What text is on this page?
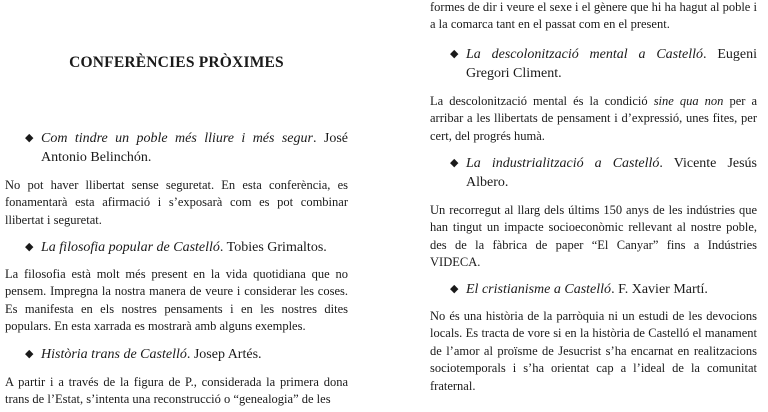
CONFERÈNCIES PRÒXIMES
◆ Com tindre un poble més lliure i més segur. José Antonio Belinchón.
No pot haver llibertat sense seguretat. En esta conferència, es fonamentarà esta afirmació i s’exposarà com es pot combinar llibertat i seguretat.
◆ La filosofia popular de Castelló. Tobies Grimaltos.
La filosofia està molt més present en la vida quotidiana que no pensem. Impregna la nostra manera de veure i considerar les coses. Es manifesta en els nostres pensaments i en les nostres dites populars. En esta xarrada es mostrarà amb alguns exemples.
◆ Història trans de Castelló. Josep Artés.
A partir i a través de la figura de P., considerada la primera dona trans de l’Estat, s’intenta una reconstrucció o “genealogia” de les
formes de dir i veure el sexe i el gènere que hi ha hagut al poble i a la comarca tant en el passat com en el present.
◆ La descolonització mental a Castelló. Eugeni Gregori Climent.
La descolonització mental és la condició sine qua non per a arribar a les llibertats de pensament i d’expressió, unes fites, per cert, del progrés humà.
◆ La industrialització a Castelló. Vicente Jesús Albero.
Un recorregut al llarg dels últims 150 anys de les indústries que han tingut un impacte socioeconòmic rellevant al nostre poble, des de la fàbrica de paper “El Canyar” fins a Indústries VIDECA.
◆ El cristianisme a Castelló. F. Xavier Martí.
No és una història de la parròquia ni un estudi de les devocions locals. Es tracta de vore si en la història de Castelló el manament de l’amor al proïsme de Jesucrist s’ha encarnat en realitzacions sociotemporals i s’ha orientat cap a l’ideal de la comunitat fraternal.
